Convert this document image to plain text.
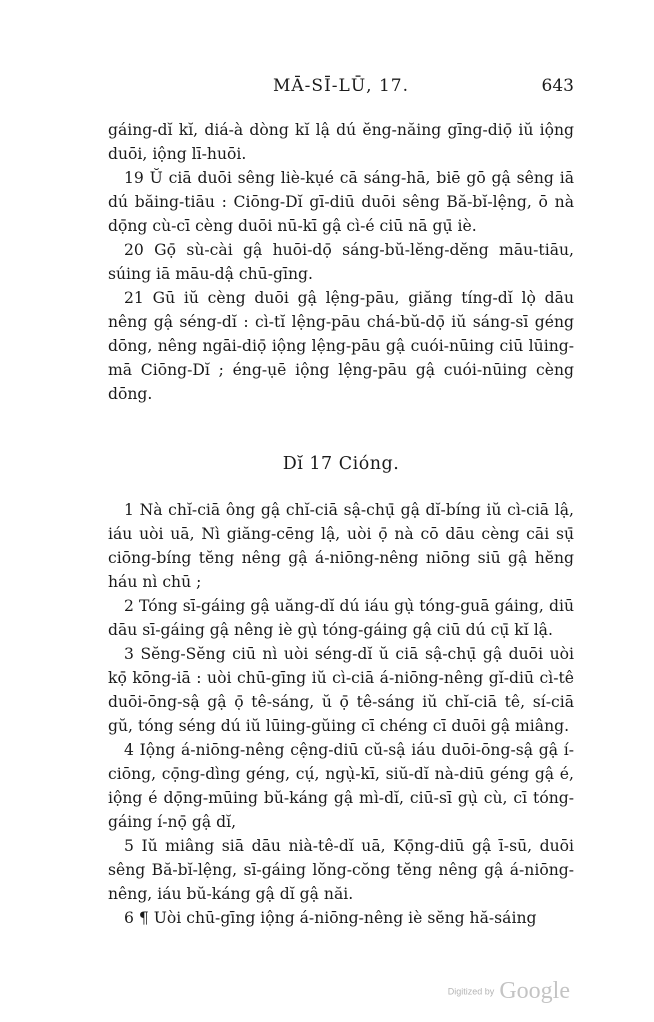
MĀ-SĪ-LŪ, 17.	643

gáing-dĭ kĭ, diá-à dòng kĭ lậ dú ĕng-năing gīng-diọ̄ iŭ iộng duōi, iộng lī-huōi.

19 Ŭ ciā duōi sêng liè-kụé cā sáng-hā, biē gō gậ sêng iā dú băing-tiāu : Ciōng-Dĭ gī-diū duōi sêng Bă-bĭ-lệng, ō nà dọ̄ng cù-cī cèng duōi nū-kī gậ cì-é ciū nā gụ̄ iè.

20 Gọ̄ sù-cài gậ huōi-dọ̄ sáng-bŭ-lĕng-dĕng māu-tiāu, súing iā māu-dậ chū-gīng.

21 Gū iŭ cèng duōi gậ lệng-pāu, giăng tíng-dĭ lọ̀ dāu nêng gậ séng-dĭ : cì-tĭ lệng-pāu chá-bŭ-dọ̄ iŭ sáng-sī géng dōng, nêng ngāi-diọ̄ iộng lệng-pāu gậ cuói-nūing ciū lūing-mā Ciōng-Dĭ ; éng-ụē iộng lệng-pāu gậ cuói-nūing cèng dōng.

Dĭ 17 Cióng.

1 Nà chĭ-ciā ông gậ chĭ-ciā sậ-chụ̄ gậ dĭ-bíng iŭ cì-ciā lậ, iáu uòi uā, Nì giăng-cēng lậ, uòi ọ̄ nà cō dāu cèng cāi sụ̄ ciōng-bíng tĕng nêng gậ á-niōng-nêng niōng siū gậ hĕng háu nì chū ;

2 Tóng sī-gáing gậ uăng-dĭ dú iáu gụ̀ tóng-guā gáing, diū dāu sī-gáing gậ nêng iè gụ̀ tóng-gáing gậ ciū dú cụ̄ kĭ lậ.

3 Sĕng-Sĕng ciū nì uòi séng-dĭ ŭ ciā sậ-chụ̄ gậ duōi uòi kọ̄ kōng-iā : uòi chū-gīng iŭ cì-ciā á-niōng-nêng gĭ-diū cì-tê duōi-ōng-sậ gậ ọ̄ tê-sáng, ŭ ọ̄ tê-sáng iŭ chĭ-ciā tê, sí-ciā gŭ, tóng séng dú iŭ lūing-gŭing cī chéng cī duōi gậ miâng.

4 Iộng á-niōng-nêng cệng-diū cŭ-sậ iáu duōi-ōng-sậ gậ í-ciōng, cọ̄ng-dìng géng, cụ́, ngụ̀-kī, siŭ-dĭ nà-diū géng gậ é, iộng é dọ̄ng-mūing bŭ-káng gậ mì-dĭ, ciū-sī gụ̀ cù, cī tóng-gáing í-nọ̄ gậ dĭ,

5 Iŭ miâng siā dāu nià-tê-dĭ uā, Kọ̄ng-diū gậ ī-sū, duōi sêng Bă-bĭ-lệng, sī-gáing lŏng-cŏng tĕng nêng gậ á-niōng-nêng, iáu bŭ-káng gậ dĭ gậ năi.

6 ¶ Uòi chū-gīng iộng á-niōng-nêng iè sĕng hă-sáing

Digitized by Google
